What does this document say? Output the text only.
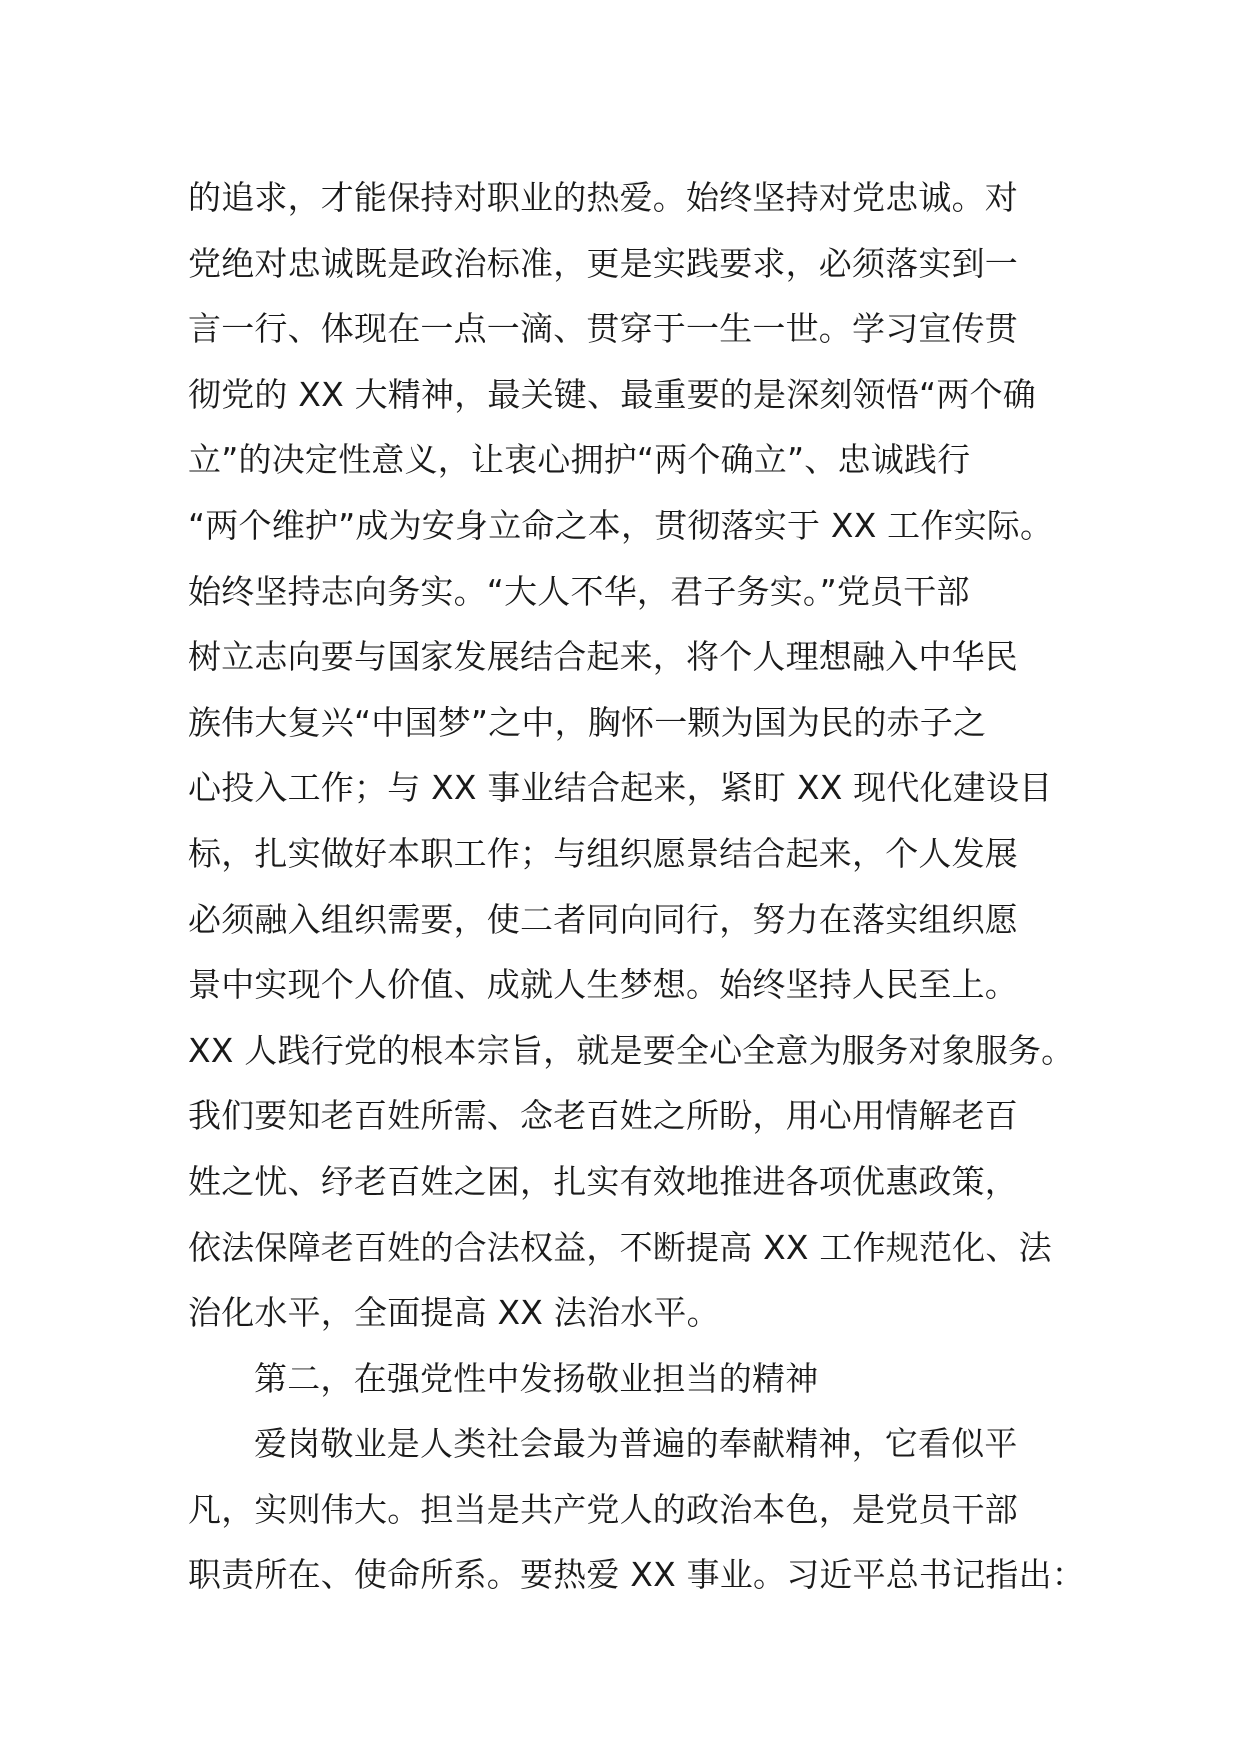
的追求，才能保持对职业的热爱。始终坚持对党忠诚。对
党绝对忠诚既是政治标准，更是实践要求，必须落实到一
言一行、体现在一点一滴、贯穿于一生一世。学习宣传贯
彻党的 XX 大精神，最关键、最重要的是深刻领悟“两个确
立”的决定性意义，让衷心拥护“两个确立”、忠诚践行
“两个维护”成为安身立命之本，贯彻落实于 XX 工作实际。
始终坚持志向务实。“大人不华，君子务实。”党员干部
树立志向要与国家发展结合起来，将个人理想融入中华民
族伟大复兴“中国梦”之中，胸怀一颗为国为民的赤子之
心投入工作；与 XX 事业结合起来，紧盯 XX 现代化建设目
标，扎实做好本职工作；与组织愿景结合起来，个人发展
必须融入组织需要，使二者同向同行，努力在落实组织愿
景中实现个人价值、成就人生梦想。始终坚持人民至上。
XX 人践行党的根本宗旨，就是要全心全意为服务对象服务。
我们要知老百姓所需、念老百姓之所盼，用心用情解老百
姓之忧、纾老百姓之困，扎实有效地推进各项优惠政策，
依法保障老百姓的合法权益，不断提高 XX 工作规范化、法
治化水平，全面提高 XX 法治水平。
第二，在强党性中发扬敬业担当的精神
爱岗敬业是人类社会最为普遍的奉献精神，它看似平
凡，实则伟大。担当是共产党人的政治本色，是党员干部
职责所在、使命所系。要热爱 XX 事业。习近平总书记指出：
